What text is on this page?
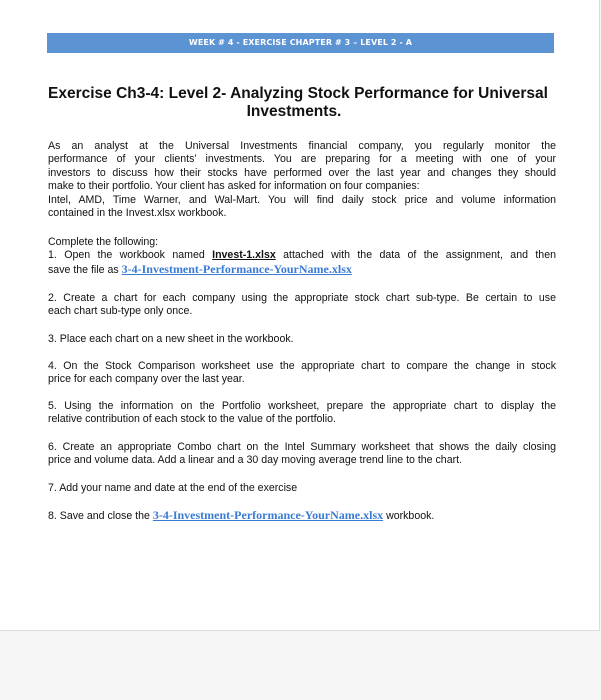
WEEK # 4 - EXERCISE CHAPTER # 3 – LEVEL 2 - A
Exercise Ch3-4: Level 2- Analyzing Stock Performance for Universal
Investments.
As an analyst at the Universal Investments financial company, you regularly monitor the
performance of your clients’ investments. You are preparing for a meeting with one of your
investors to discuss how their stocks have performed over the last year and changes they should
make to their portfolio. Your client has asked for information on four companies:
Intel, AMD, Time Warner, and Wal-Mart. You will find daily stock price and volume information
contained in the Invest.xlsx workbook.
Complete the following:
1. Open the workbook named Invest-1.xlsx attached with the data of the assignment, and then
save the file as 3-4-Investment-Performance-YourName.xlsx
2. Create a chart for each company using the appropriate stock chart sub-type. Be certain to use
each chart sub-type only once.
3. Place each chart on a new sheet in the workbook.
4. On the Stock Comparison worksheet use the appropriate chart to compare the change in stock
price for each company over the last year.
5. Using the information on the Portfolio worksheet, prepare the appropriate chart to display the
relative contribution of each stock to the value of the portfolio.
6. Create an appropriate Combo chart on the Intel Summary worksheet that shows the daily closing
price and volume data. Add a linear and a 30 day moving average trend line to the chart.
7. Add your name and date at the end of the exercise
8. Save and close the 3-4-Investment-Performance-YourName.xlsx workbook.
